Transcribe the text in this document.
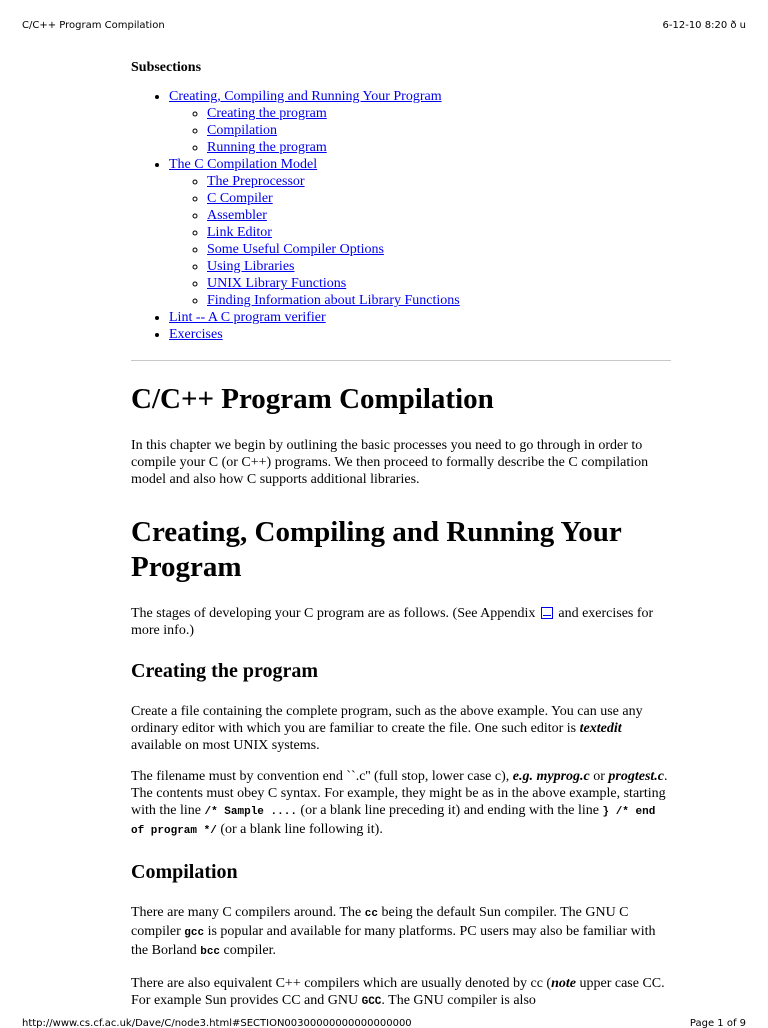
C/C++ Program Compilation	6-12-10 8:20 ð u
Subsections
• Creating, Compiling and Running Your Program
◦ Creating the program
◦ Compilation
◦ Running the program
• The C Compilation Model
◦ The Preprocessor
◦ C Compiler
◦ Assembler
◦ Link Editor
◦ Some Useful Compiler Options
◦ Using Libraries
◦ UNIX Library Functions
◦ Finding Information about Library Functions
• Lint -- A C program verifier
• Exercises
C/C++ Program Compilation

In this chapter we begin by outlining the basic processes you need to go through in order to compile your C (or C++) programs. We then proceed to formally describe the C compilation model and also how C supports additional libraries.

Creating, Compiling and Running Your Program

The stages of developing your C program are as follows. (See Appendix and exercises for more info.)

Creating the program

Create a file containing the complete program, such as the above example. You can use any ordinary editor with which you are familiar to create the file. One such editor is textedit available on most UNIX systems.

The filename must by convention end ``.c'' (full stop, lower case c), e.g. myprog.c or progtest.c. The contents must obey C syntax. For example, they might be as in the above example, starting with the line /* Sample .... (or a blank line preceding it) and ending with the line } /* end of program */ (or a blank line following it).

Compilation

There are many C compilers around. The cc being the default Sun compiler. The GNU C compiler gcc is popular and available for many platforms. PC users may also be familiar with the Borland bcc compiler.

There are also equivalent C++ compilers which are usually denoted by cc (note upper case CC. For example Sun provides CC and GNU GCC. The GNU compiler is also

http://www.cs.cf.ac.uk/Dave/C/node3.html#SECTION00300000000000000000	Page 1 of 9
